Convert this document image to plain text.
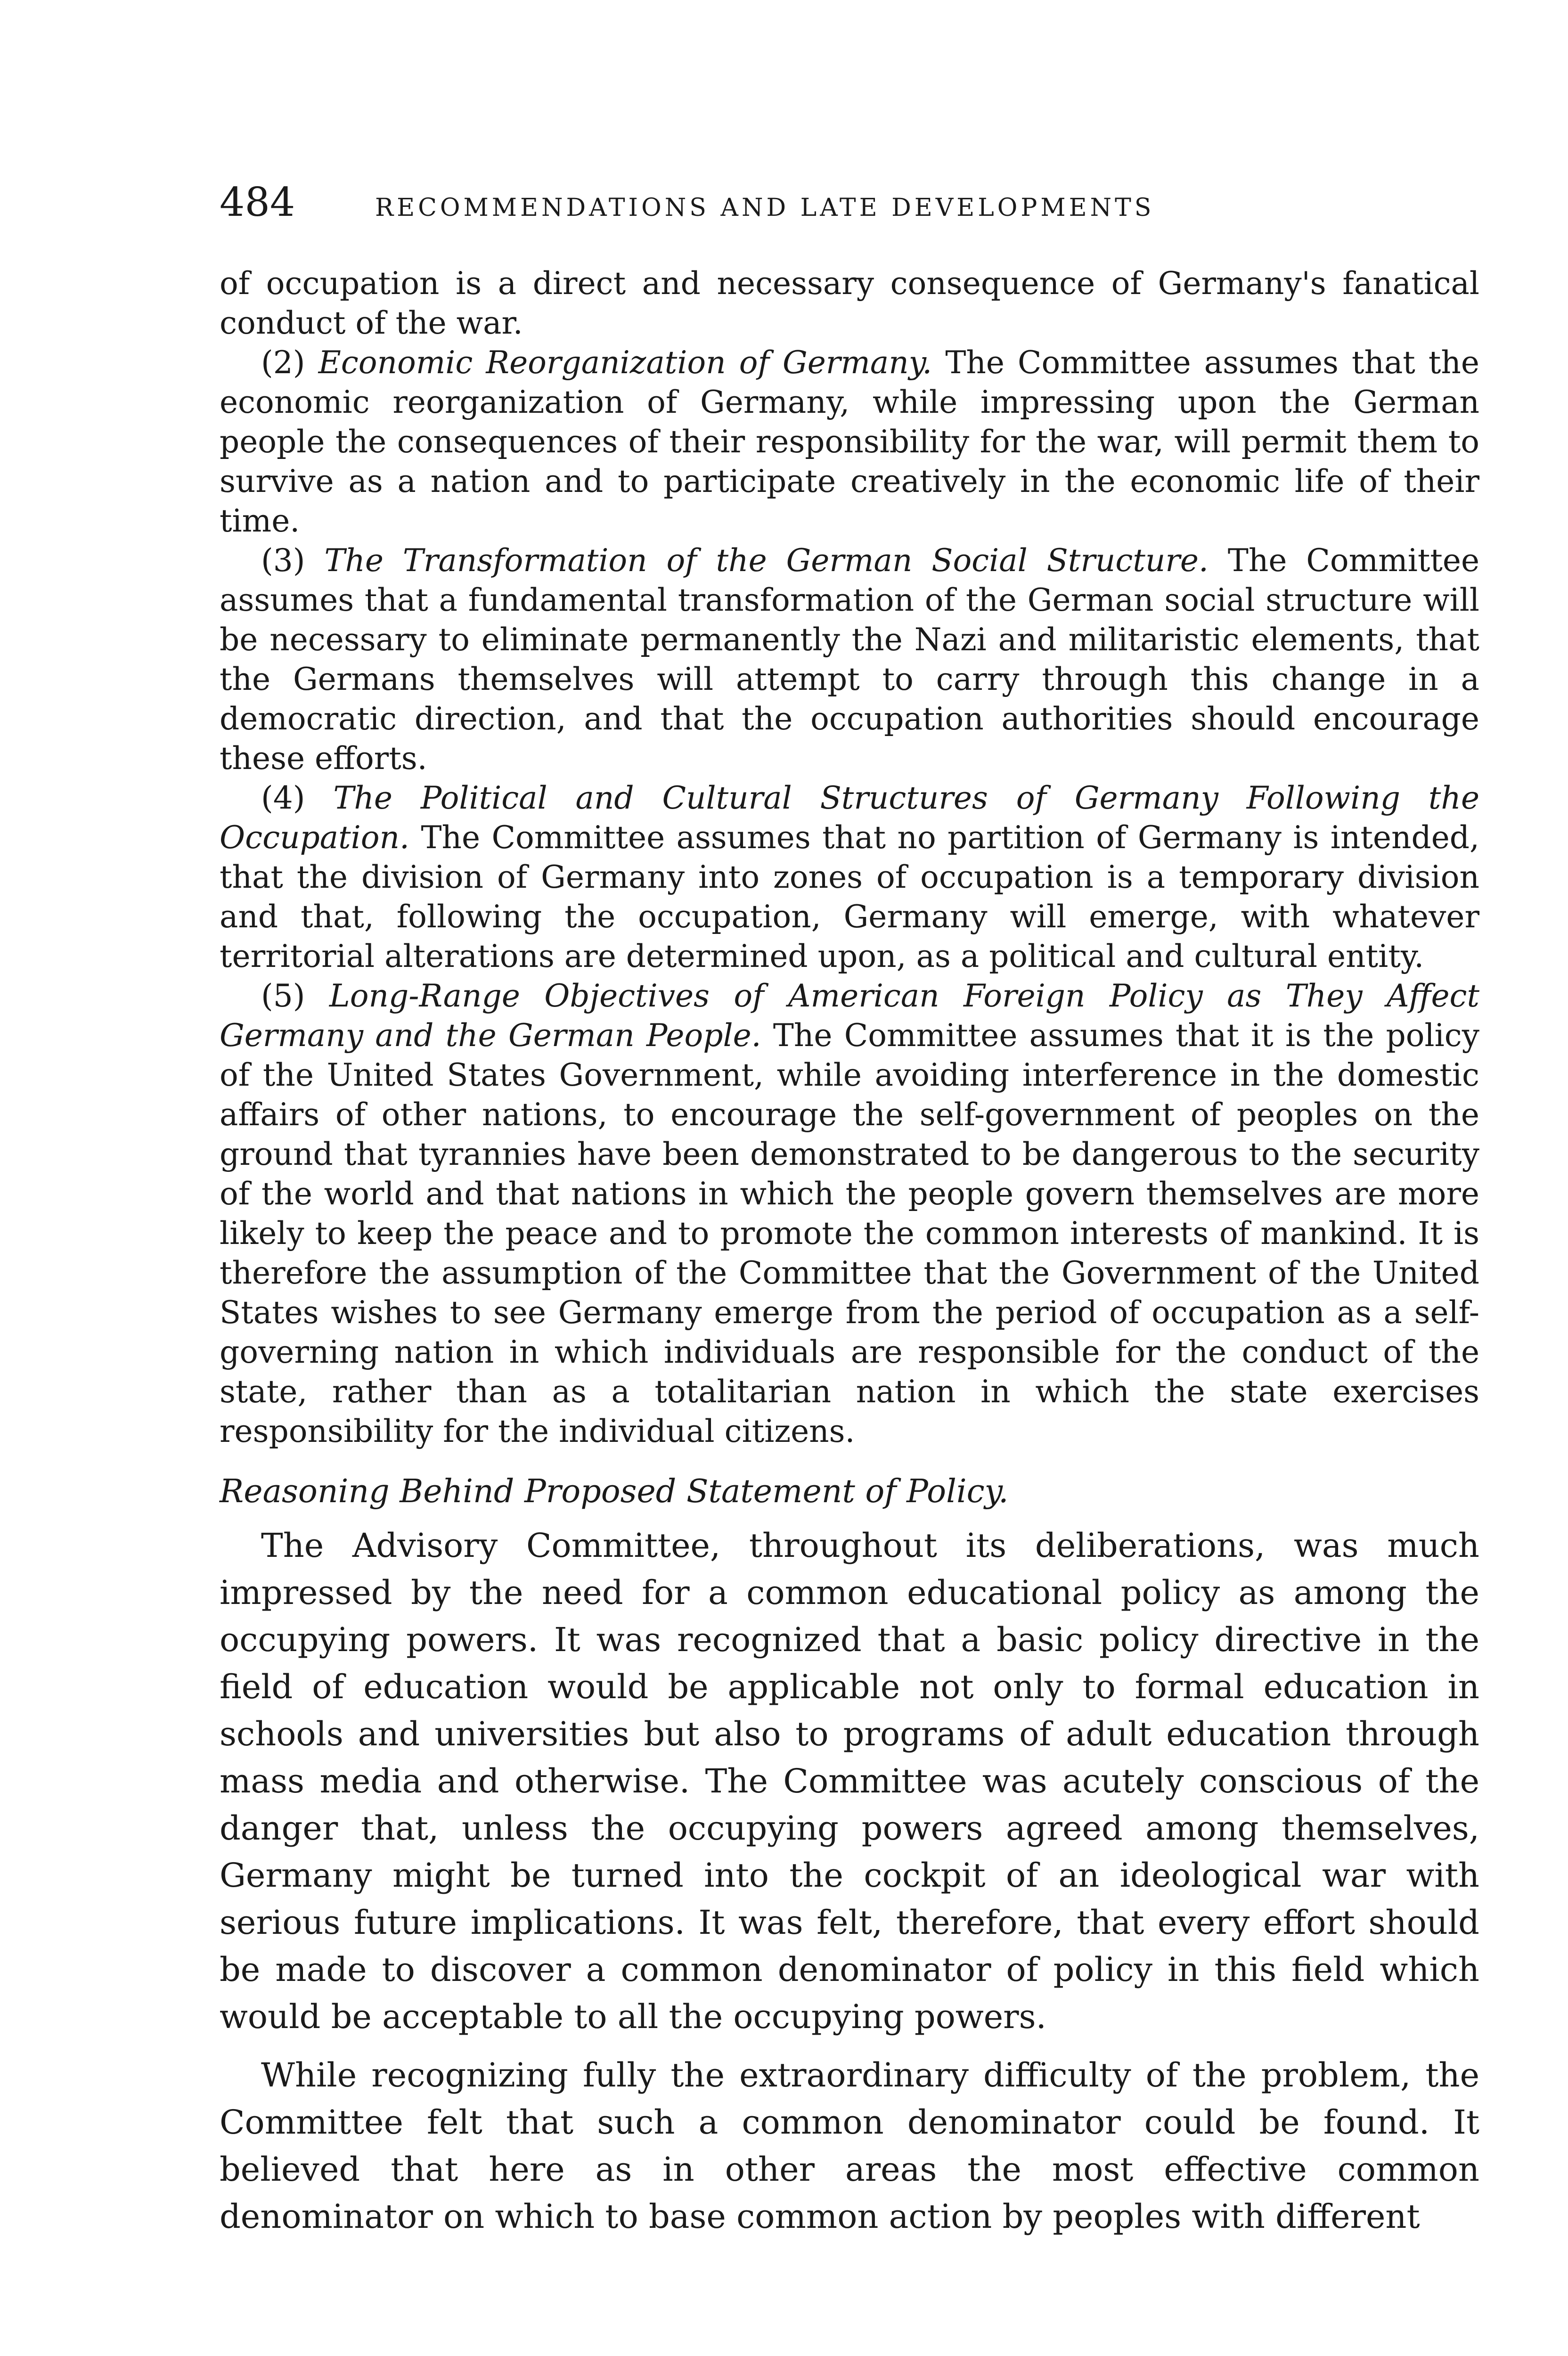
484	RECOMMENDATIONS AND LATE DEVELOPMENTS

of occupation is a direct and necessary consequence of Germany's fanatical conduct of the war.

(2) Economic Reorganization of Germany. The Committee assumes that the economic reorganization of Germany, while impressing upon the German people the consequences of their responsibility for the war, will permit them to survive as a nation and to participate creatively in the economic life of their time.

(3) The Transformation of the German Social Structure. The Committee assumes that a fundamental transformation of the German social structure will be necessary to eliminate permanently the Nazi and militaristic elements, that the Germans themselves will attempt to carry through this change in a democratic direction, and that the occupation authorities should encourage these efforts.

(4) The Political and Cultural Structures of Germany Following the Occupation. The Committee assumes that no partition of Germany is intended, that the division of Germany into zones of occupation is a temporary division and that, following the occupation, Germany will emerge, with whatever territorial alterations are determined upon, as a political and cultural entity.

(5) Long-Range Objectives of American Foreign Policy as They Affect Germany and the German People. The Committee assumes that it is the policy of the United States Government, while avoiding interference in the domestic affairs of other nations, to encourage the self-government of peoples on the ground that tyrannies have been demonstrated to be dangerous to the security of the world and that nations in which the people govern themselves are more likely to keep the peace and to promote the common interests of mankind. It is therefore the assumption of the Committee that the Government of the United States wishes to see Germany emerge from the period of occupation as a self-governing nation in which individuals are responsible for the conduct of the state, rather than as a totalitarian nation in which the state exercises responsibility for the individual citizens.

Reasoning Behind Proposed Statement of Policy.

The Advisory Committee, throughout its deliberations, was much impressed by the need for a common educational policy as among the occupying powers. It was recognized that a basic policy directive in the field of education would be applicable not only to formal education in schools and universities but also to programs of adult education through mass media and otherwise. The Committee was acutely conscious of the danger that, unless the occupying powers agreed among themselves, Germany might be turned into the cockpit of an ideological war with serious future implications. It was felt, therefore, that every effort should be made to discover a common denominator of policy in this field which would be acceptable to all the occupying powers.

While recognizing fully the extraordinary difficulty of the problem, the Committee felt that such a common denominator could be found. It believed that here as in other areas the most effective common denominator on which to base common action by peoples with different
